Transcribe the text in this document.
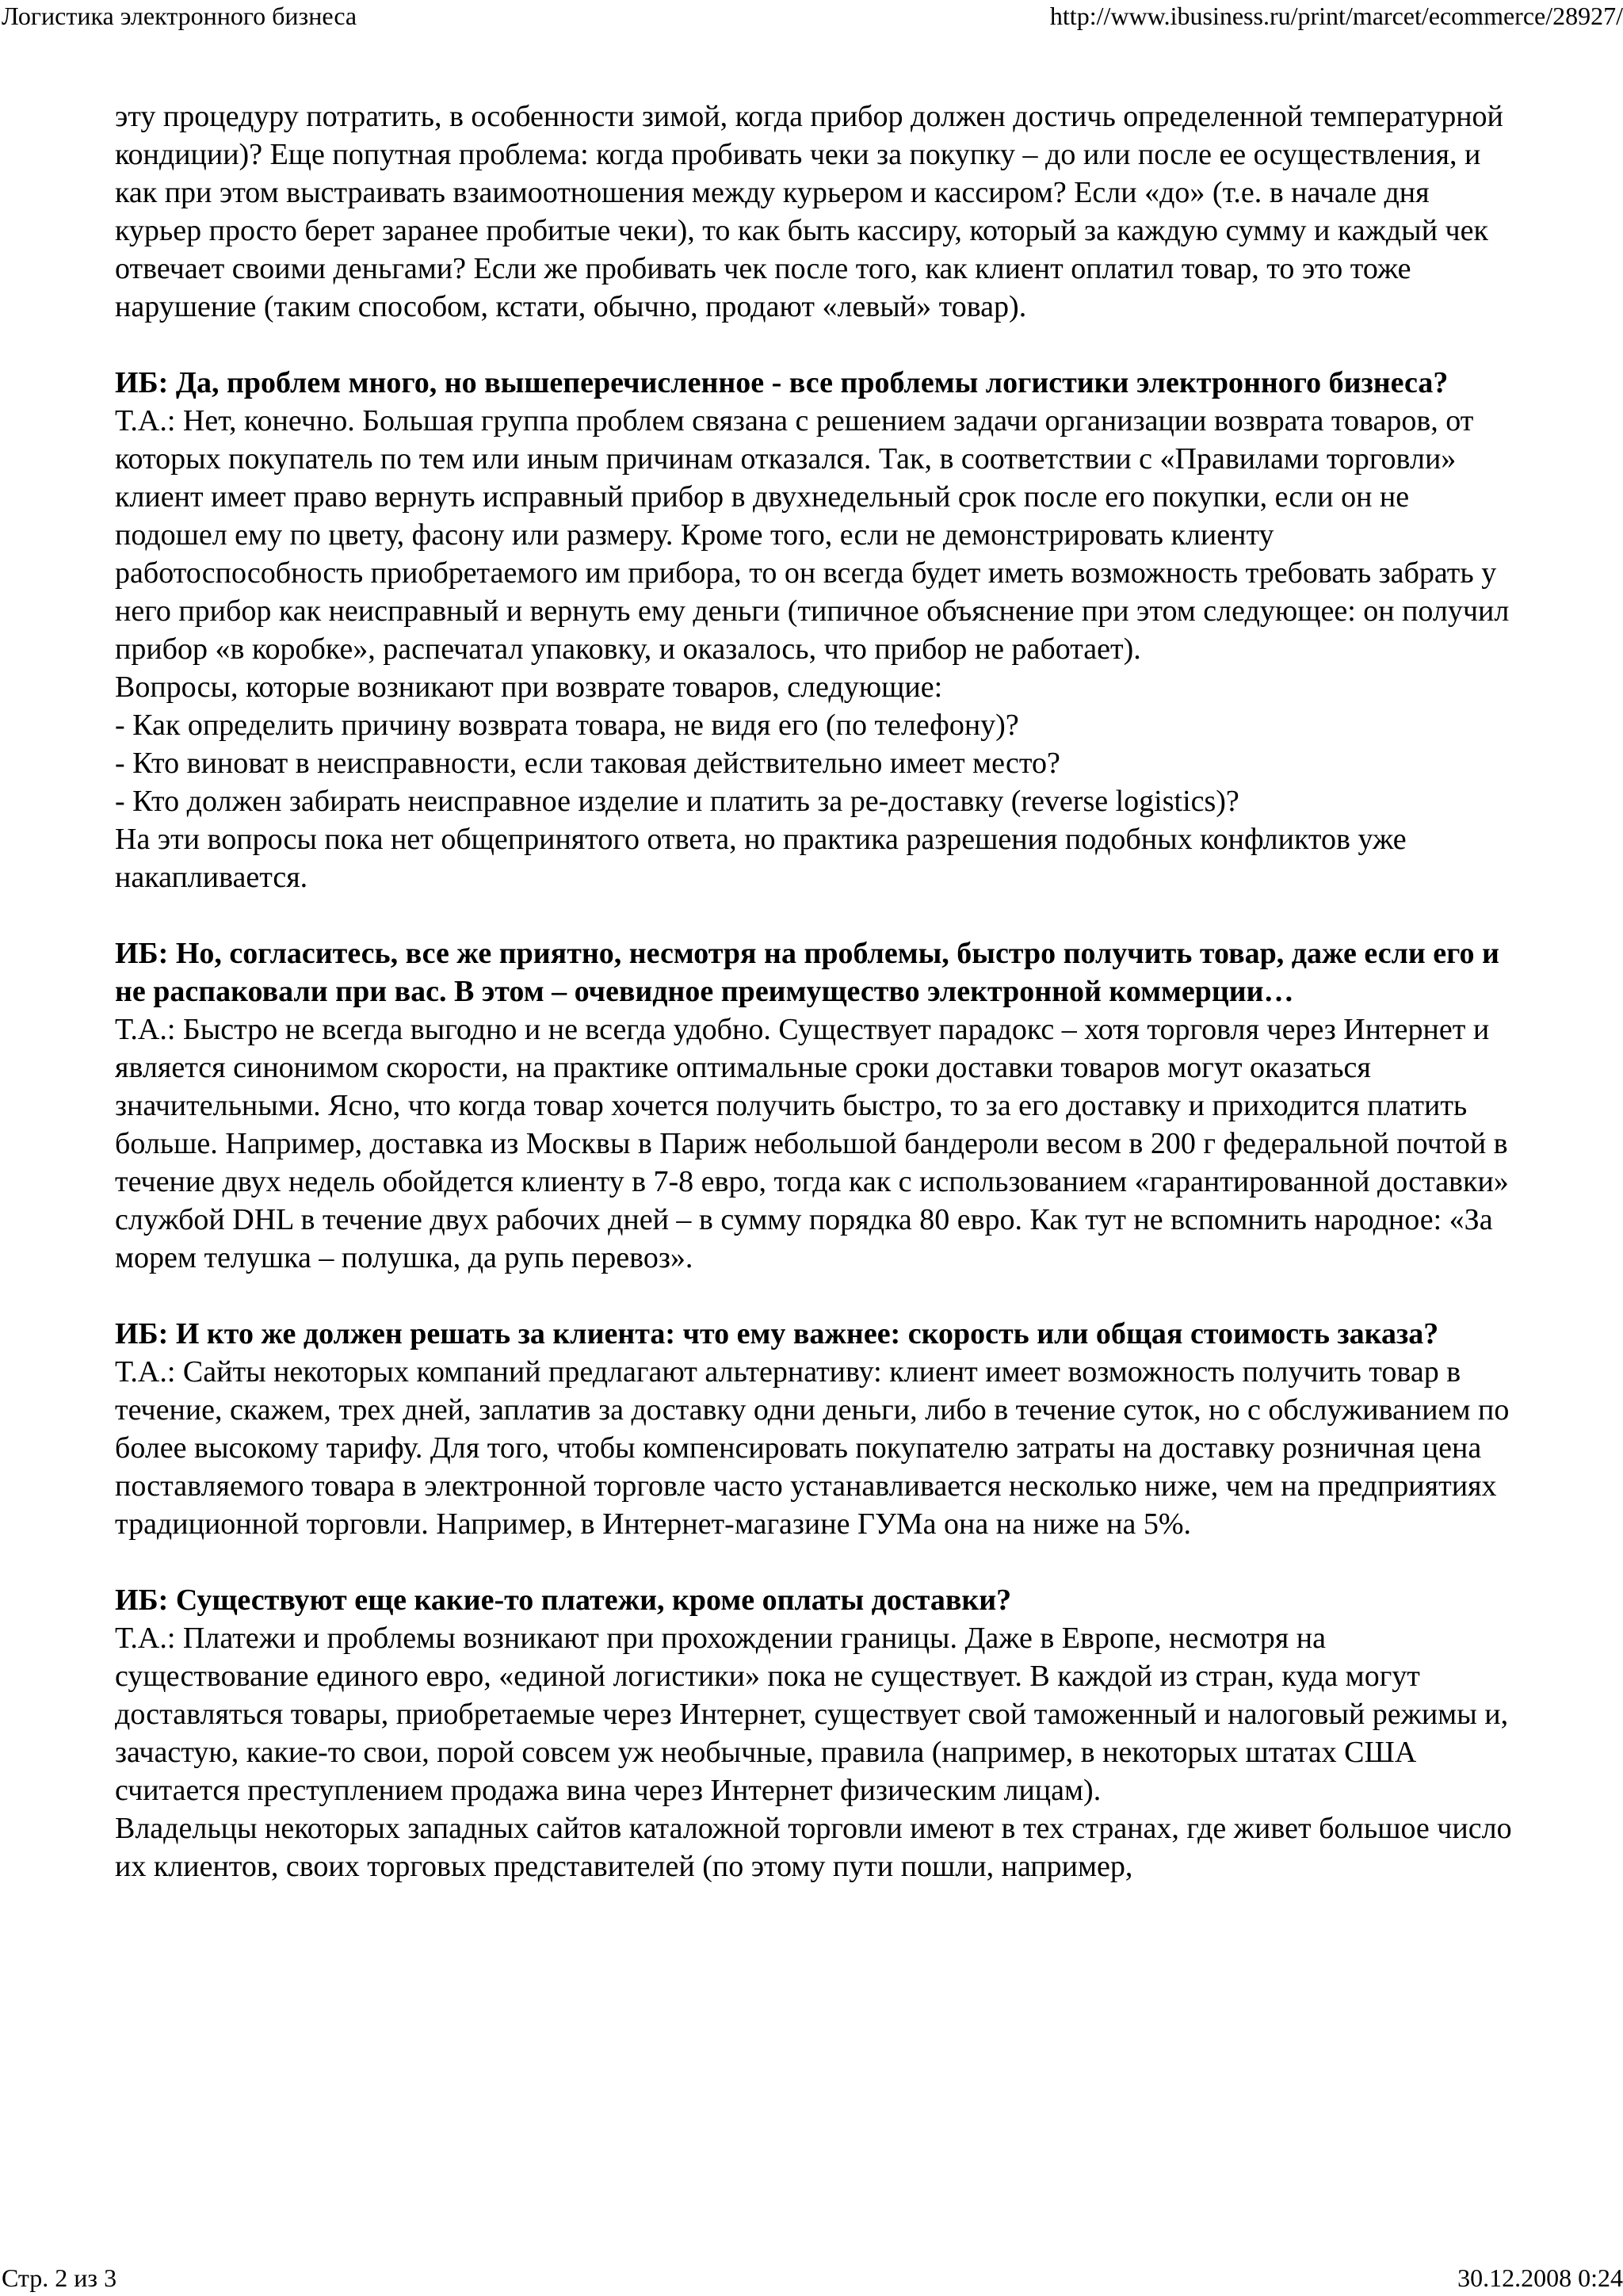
Логистика электронного бизнеса	http://www.ibusiness.ru/print/marcet/ecommerce/28927/

эту процедуру потратить, в особенности зимой, когда прибор должен достичь определенной температурной кондиции)? Еще попутная проблема: когда пробивать чеки за покупку – до или после ее осуществления, и как при этом выстраивать взаимоотношения между курьером и кассиром? Если «до» (т.е. в начале дня курьер просто берет заранее пробитые чеки), то как быть кассиру, который за каждую сумму и каждый чек отвечает своими деньгами? Если же пробивать чек после того, как клиент оплатил товар, то это тоже нарушение (таким способом, кстати, обычно, продают «левый» товар).

ИБ: Да, проблем много, но вышеперечисленное - все проблемы логистики электронного бизнеса?

Т.А.: Нет, конечно. Большая группа проблем связана с решением задачи организации возврата товаров, от которых покупатель по тем или иным причинам отказался. Так, в соответствии с «Правилами торговли» клиент имеет право вернуть исправный прибор в двухнедельный срок после его покупки, если он не подошел ему по цвету, фасону или размеру. Кроме того, если не демонстрировать клиенту работоспособность приобретаемого им прибора, то он всегда будет иметь возможность требовать забрать у него прибор как неисправный и вернуть ему деньги (типичное объяснение при этом следующее: он получил прибор «в коробке», распечатал упаковку, и оказалось, что прибор не работает).

Вопросы, которые возникают при возврате товаров, следующие:

- Как определить причину возврата товара, не видя его (по телефону)?

- Кто виноват в неисправности, если таковая действительно имеет место?

- Кто должен забирать неисправное изделие и платить за ре-доставку (reverse logistics)?

На эти вопросы пока нет общепринятого ответа, но практика разрешения подобных конфликтов уже накапливается.

ИБ: Но, согласитесь, все же приятно, несмотря на проблемы, быстро получить товар, даже если его и не распаковали при вас. В этом – очевидное преимущество электронной коммерции…

Т.А.: Быстро не всегда выгодно и не всегда удобно. Существует парадокс – хотя торговля через Интернет и является синонимом скорости, на практике оптимальные сроки доставки товаров могут оказаться значительными. Ясно, что когда товар хочется получить быстро, то за его доставку и приходится платить больше. Например, доставка из Москвы в Париж небольшой бандероли весом в 200 г федеральной почтой в течение двух недель обойдется клиенту в 7-8 евро, тогда как с использованием «гарантированной доставки» службой DHL в течение двух рабочих дней – в сумму порядка 80 евро. Как тут не вспомнить народное: «За морем телушка – полушка, да рупь перевоз».

ИБ: И кто же должен решать за клиента: что ему важнее: скорость или общая стоимость заказа?

Т.А.: Сайты некоторых компаний предлагают альтернативу: клиент имеет возможность получить товар в течение, скажем, трех дней, заплатив за доставку одни деньги, либо в течение суток, но с обслуживанием по более высокому тарифу. Для того, чтобы компенсировать покупателю затраты на доставку розничная цена поставляемого товара в электронной торговле часто устанавливается несколько ниже, чем на предприятиях традиционной торговли. Например, в Интернет-магазине ГУМа она на ниже на 5%.

ИБ: Существуют еще какие-то платежи, кроме оплаты доставки?

Т.А.: Платежи и проблемы возникают при прохождении границы. Даже в Европе, несмотря на существование единого евро, «единой логистики» пока не существует. В каждой из стран, куда могут доставляться товары, приобретаемые через Интернет, существует свой таможенный и налоговый режимы и, зачастую, какие-то свои, порой совсем уж необычные, правила (например, в некоторых штатах США считается преступлением продажа вина через Интернет физическим лицам).

Владельцы некоторых западных сайтов каталожной торговли имеют в тех странах, где живет большое число их клиентов, своих торговых представителей (по этому пути пошли, например,

Стр. 2 из 3	30.12.2008 0:24
